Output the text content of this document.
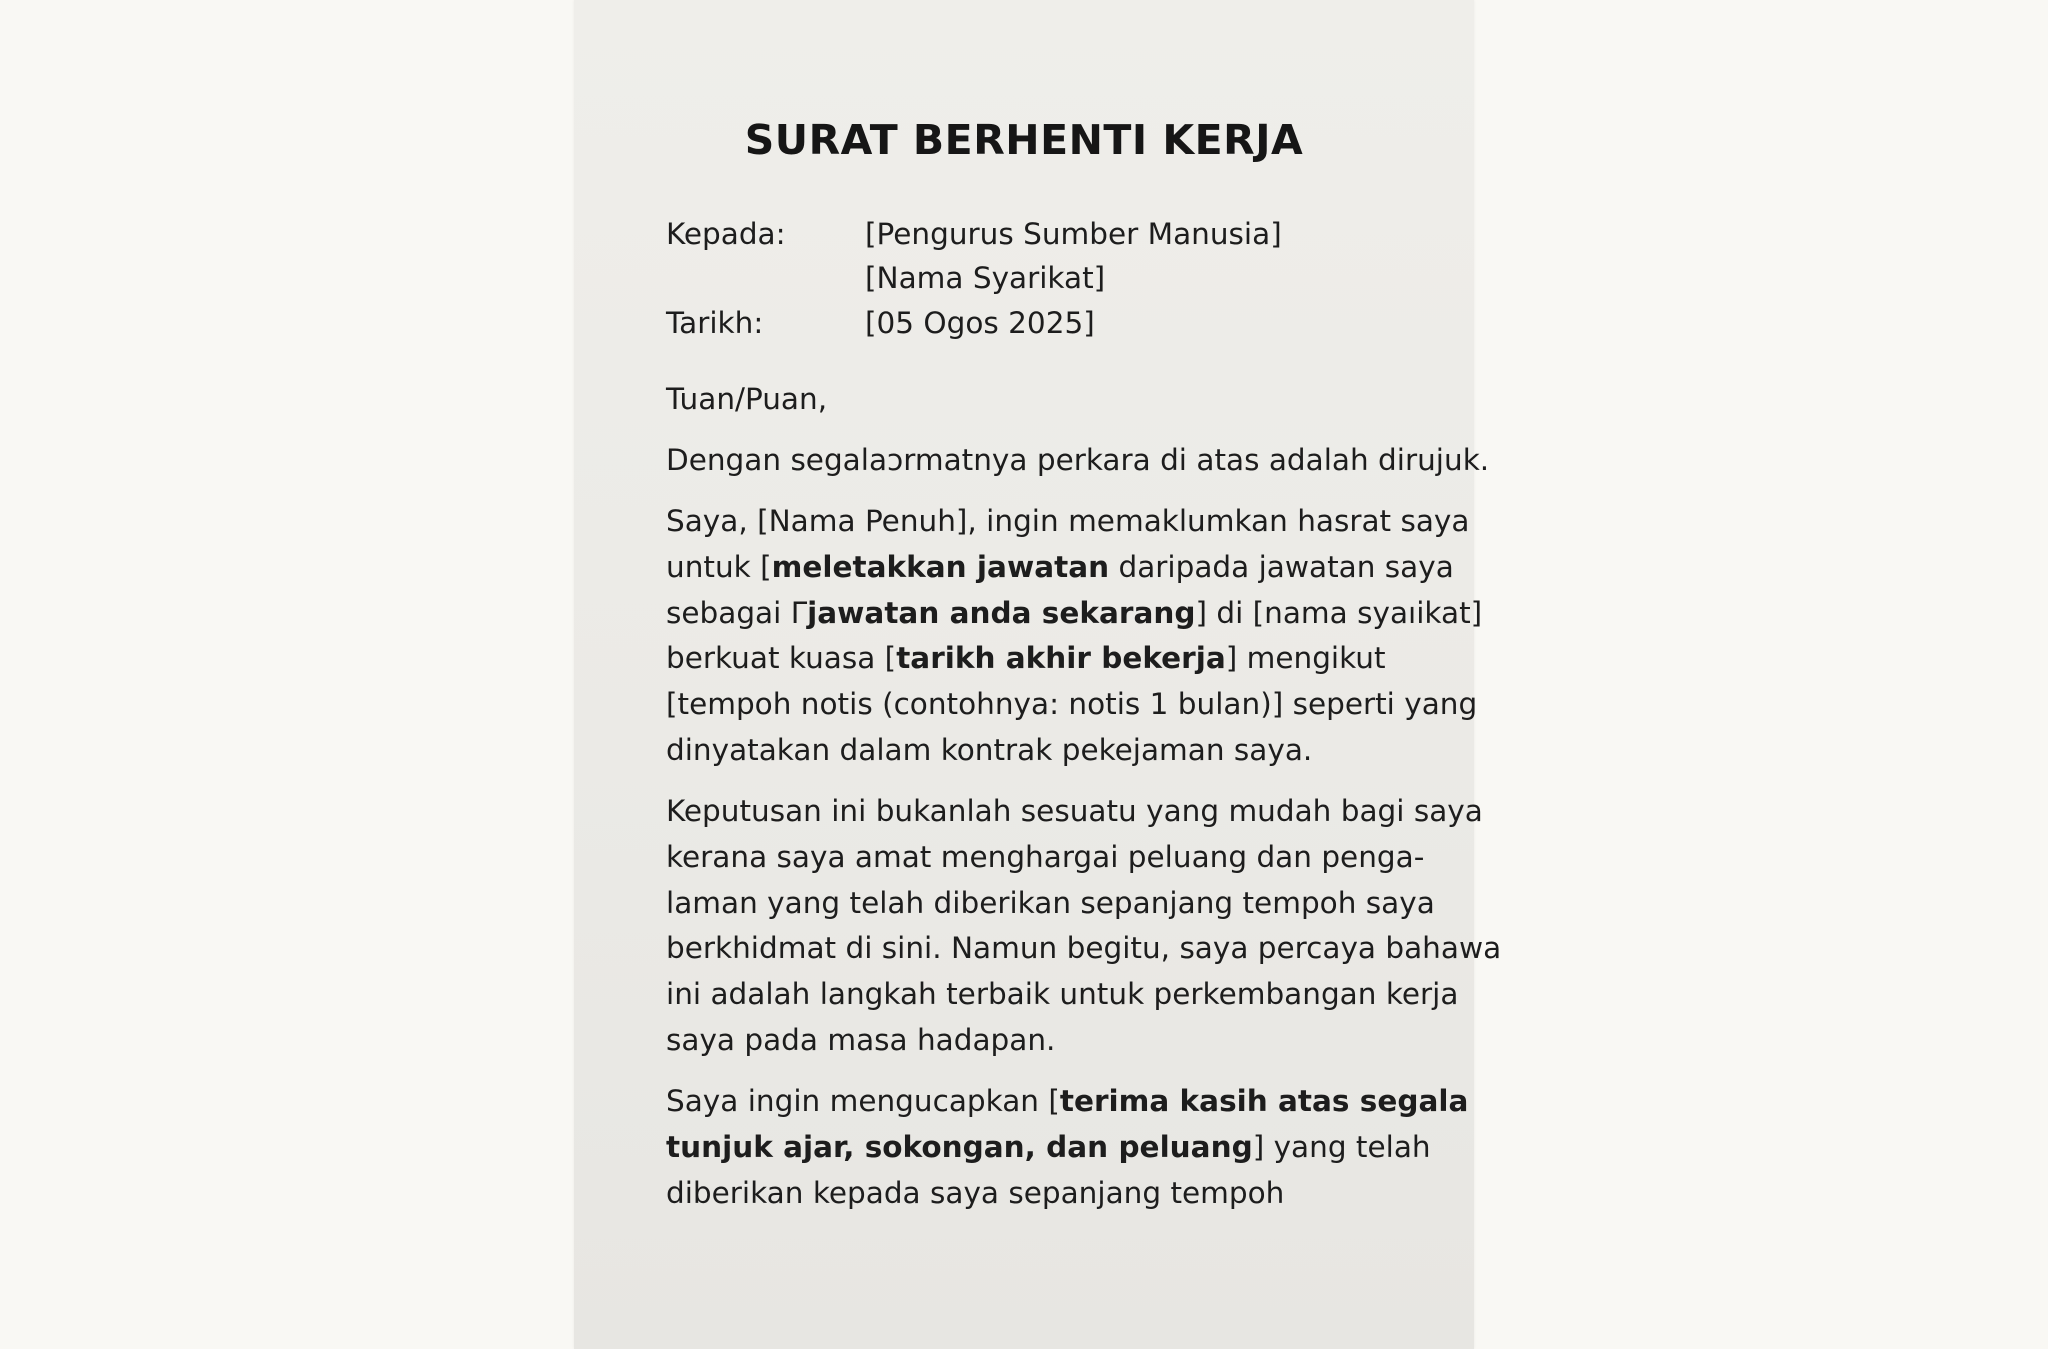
SURAT BERHENTI KERJA
Kepada:	[Pengurus Sumber Manusia]
[Nama Syarikat]
Tarikh:	[05 Ogos 2025]
Tuan/Puan,
Dengan segalaɔrmatnya perkara di atas adalah dirujuk.
Saya, [Nama Penuh], ingin memaklumkan hasrat saya
untuk [meletakkan jawatan daripada jawatan saya
sebagai Γjawatan anda sekarang] di [nama syaıikat]
berkuat kuasa [tarikh akhir bekerja] mengikut
[tempoh notis (contohnya: notis 1 bulan)] seperti yang
dinyatakan dalam kontrak pekejaman saya.
Keputusan ini bukanlah sesuatu yang mudah bagi saya
kerana saya amat menghargai peluang dan penga-
laman yang telah diberikan sepanjang tempoh saya
berkhidmat di sini. Namun begitu, saya percaya bahawa
ini adalah langkah terbaik untuk perkembangan kerja
saya pada masa hadapan.
Saya ingin mengucapkan [terima kasih atas segala
tunjuk ajar, sokongan, dan peluang] yang telah
diberikan kepada saya sepanjang tempoh
